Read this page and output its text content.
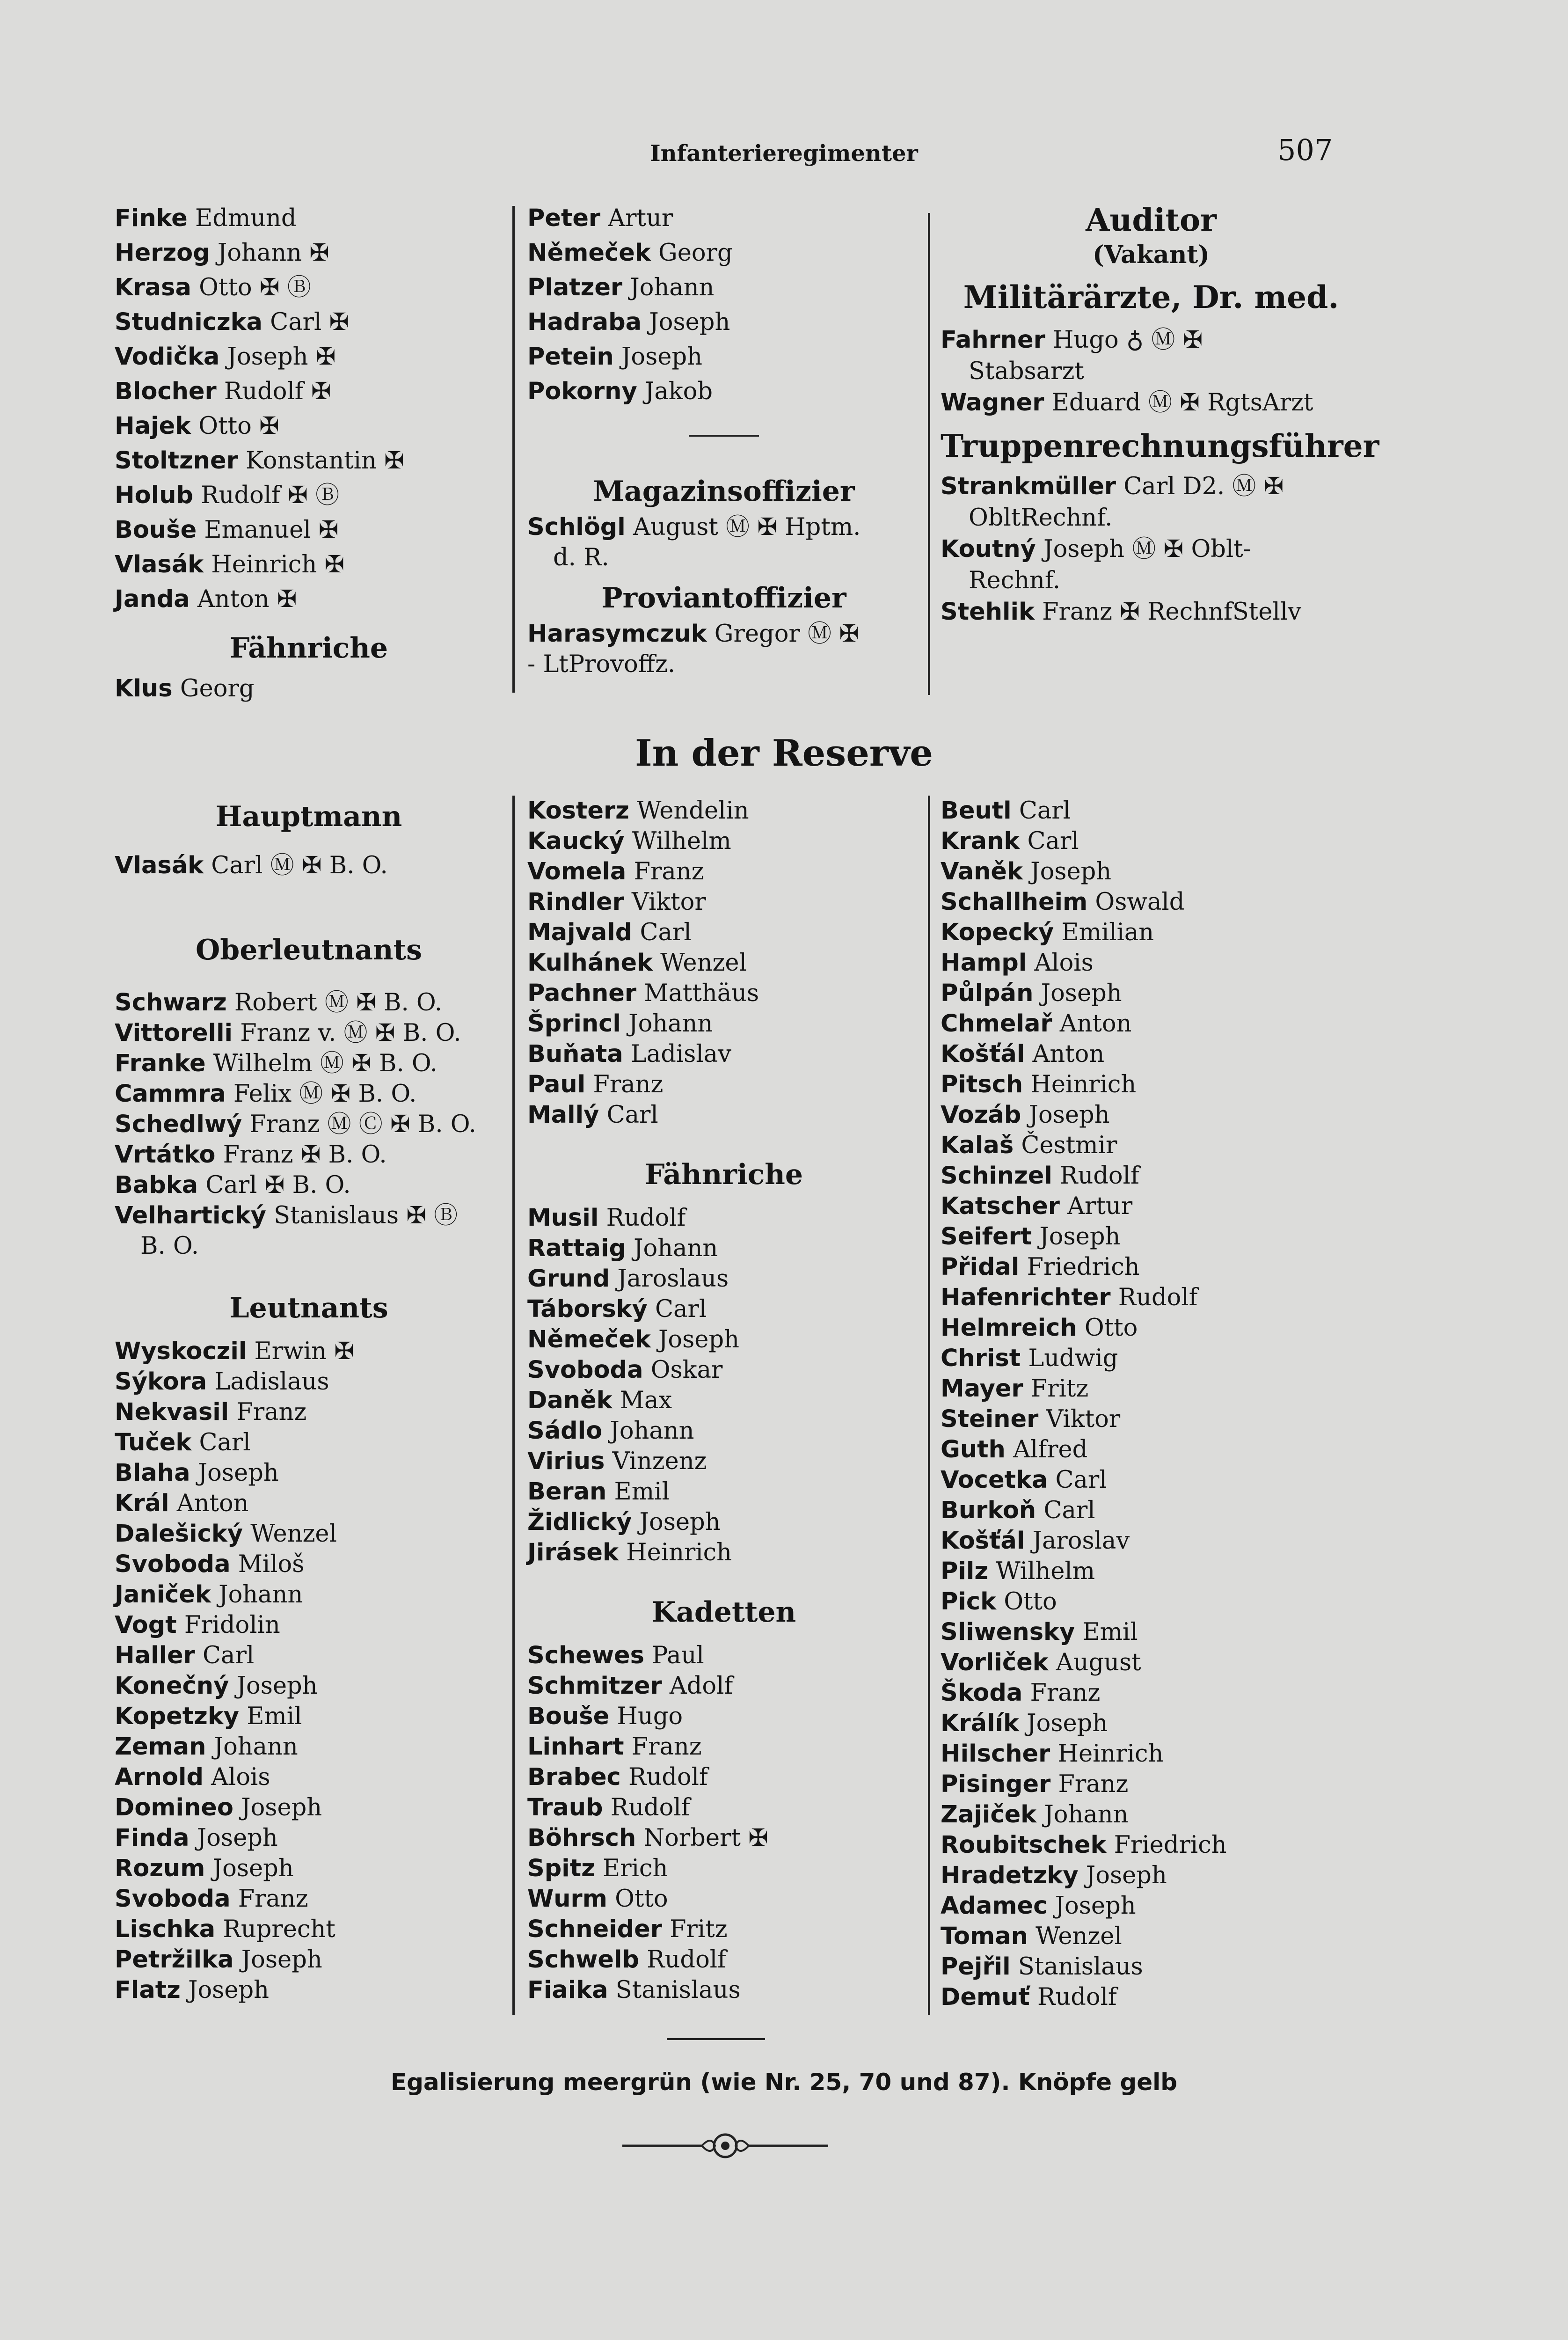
Infanterieregimenter	507
Finke Edmund
Herzog Johann ✠
Krasa Otto ✠ Ⓑ
Studniczka Carl ✠
Vodička Joseph ✠
Blocher Rudolf ✠
Hajek Otto ✠
Stoltzner Konstantin ✠
Holub Rudolf ✠ Ⓑ
Bouše Emanuel ✠
Vlasák Heinrich ✠
Janda Anton ✠
Fähnriche
Klus Georg
Hauptmann
Vlasák Carl Ⓜ ✠ B. O.
Oberleutnants
Schwarz Robert Ⓜ ✠ B. O.
Vittorelli Franz v. Ⓜ ✠ B. O.
Franke Wilhelm Ⓜ ✠ B. O.
Cammra Felix Ⓜ ✠ B. O.
Schedlwý Franz Ⓜ Ⓒ ✠ B. O.
Vrtátko Franz ✠ B. O.
Babka Carl ✠ B. O.
Velhartický Stanislaus ✠ Ⓑ
B. O.
Leutnants
Wyskoczil Erwin ✠
Sýkora Ladislaus
Nekvasil Franz
Tuček Carl
Blaha Joseph
Král Anton
Dalešický Wenzel
Svoboda Miloš
Janiček Johann
Vogt Fridolin
Haller Carl
Konečný Joseph
Kopetzky Emil
Zeman Johann
Arnold Alois
Domineo Joseph
Finda Joseph
Rozum Joseph
Svoboda Franz
Lischka Ruprecht
Petržilka Joseph
Flatz Joseph
Peter Artur
Němeček Georg
Platzer Johann
Hadraba Joseph
Petein Joseph
Pokorny Jakob
Magazinsoffizier
Schlögl August Ⓜ ✠ Hptm.
d. R.
Proviantoffizier
Harasymczuk Gregor Ⓜ ✠
- LtProvoffz.
In der Reserve
Kosterz Wendelin
Kaucký Wilhelm
Vomela Franz
Rindler Viktor
Majvald Carl
Kulhánek Wenzel
Pachner Matthäus
Šprincl Johann
Buňata Ladislav
Paul Franz
Mallý Carl
Fähnriche
Musil Rudolf
Rattaig Johann
Grund Jaroslaus
Táborský Carl
Němeček Joseph
Svoboda Oskar
Daněk Max
Sádlo Johann
Virius Vinzenz
Beran Emil
Židlický Joseph
Jirásek Heinrich
Kadetten
Schewes Paul
Schmitzer Adolf
Bouše Hugo
Linhart Franz
Brabec Rudolf
Traub Rudolf
Böhrsch Norbert ✠
Spitz Erich
Wurm Otto
Schneider Fritz
Schwelb Rudolf
Fiaika Stanislaus
Auditor
(Vakant)
Militärärzte, Dr. med.
Fahrner Hugo ♁ Ⓜ ✠
Stabsarzt
Wagner Eduard Ⓜ ✠ RgtsArzt
Truppenrechnungsführer
Strankmüller Carl D2. Ⓜ ✠
ObltRechnf.
Koutný Joseph Ⓜ ✠ Oblt-
Rechnf.
Stehlik Franz ✠ RechnfStellv
Beutl Carl
Krank Carl
Vaněk Joseph
Schallheim Oswald
Kopecký Emilian
Hampl Alois
Půlpán Joseph
Chmelař Anton
Košťál Anton
Pitsch Heinrich
Vozáb Joseph
Kalaš Čestmir
Schinzel Rudolf
Katscher Artur
Seifert Joseph
Přidal Friedrich
Hafenrichter Rudolf
Helmreich Otto
Christ Ludwig
Mayer Fritz
Steiner Viktor
Guth Alfred
Vocetka Carl
Burkoň Carl
Košťál Jaroslav
Pilz Wilhelm
Pick Otto
Sliwensky Emil
Vorliček August
Škoda Franz
Králík Joseph
Hilscher Heinrich
Pisinger Franz
Zajiček Johann
Roubitschek Friedrich
Hradetzky Joseph
Adamec Joseph
Toman Wenzel
Pejřil Stanislaus
Demuť Rudolf
Egalisierung meergrün (wie Nr. 25, 70 und 87). Knöpfe gelb
